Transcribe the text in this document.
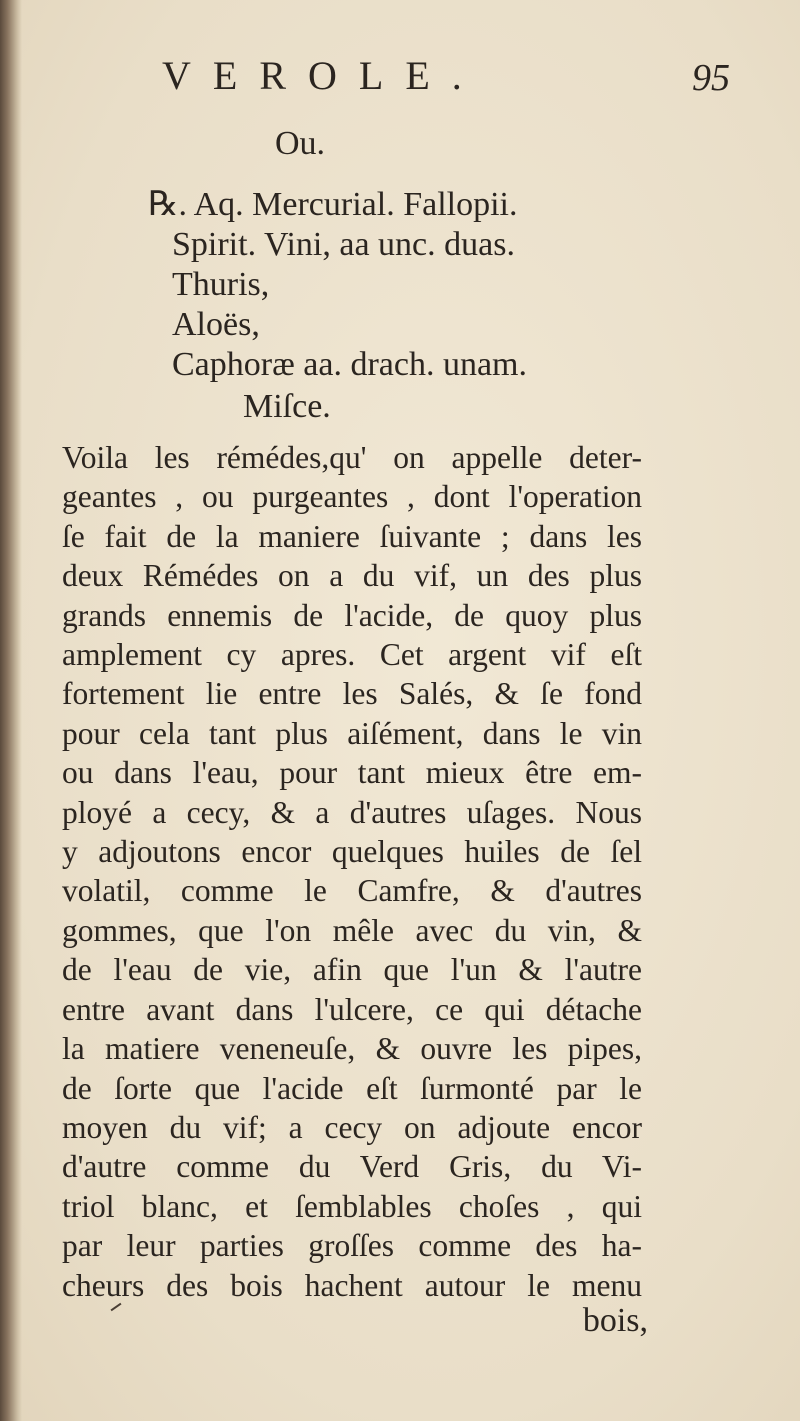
VEROLE.	95
Ou.
℞. Aq. Mercurial. Fallopii.
Spirit. Vini, aa unc. duas.
Thuris,
Aloës,
Caphoræ aa. drach. unam.
Miſce.

Voila les rémédes,qu' on appelle deter-

geantes , ou purgeantes , dont l'operation

ſe fait de la maniere ſuivante ; dans les

deux Rémédes on a du vif, un des plus

grands ennemis de l'acide, de quoy plus

amplement cy apres. Cet argent vif eſt

fortement lie entre les Salés, & ſe fond

pour cela tant plus aiſément, dans le vin

ou dans l'eau, pour tant mieux être em-

ployé a cecy, & a d'autres uſages. Nous

y adjoutons encor quelques huiles de ſel

volatil, comme le Camfre, & d'autres

gommes, que l'on mêle avec du vin, &

de l'eau de vie, afin que l'un & l'autre

entre avant dans l'ulcere, ce qui détache

la matiere veneneuſe, & ouvre les pipes,

de ſorte que l'acide eſt ſurmonté par le

moyen du vif; a cecy on adjoute encor

d'autre comme du Verd Gris, du Vi-

triol blanc, et ſemblables choſes , qui

par leur parties groſſes comme des ha-

cheurs des bois hachent autour le menu

bois,
